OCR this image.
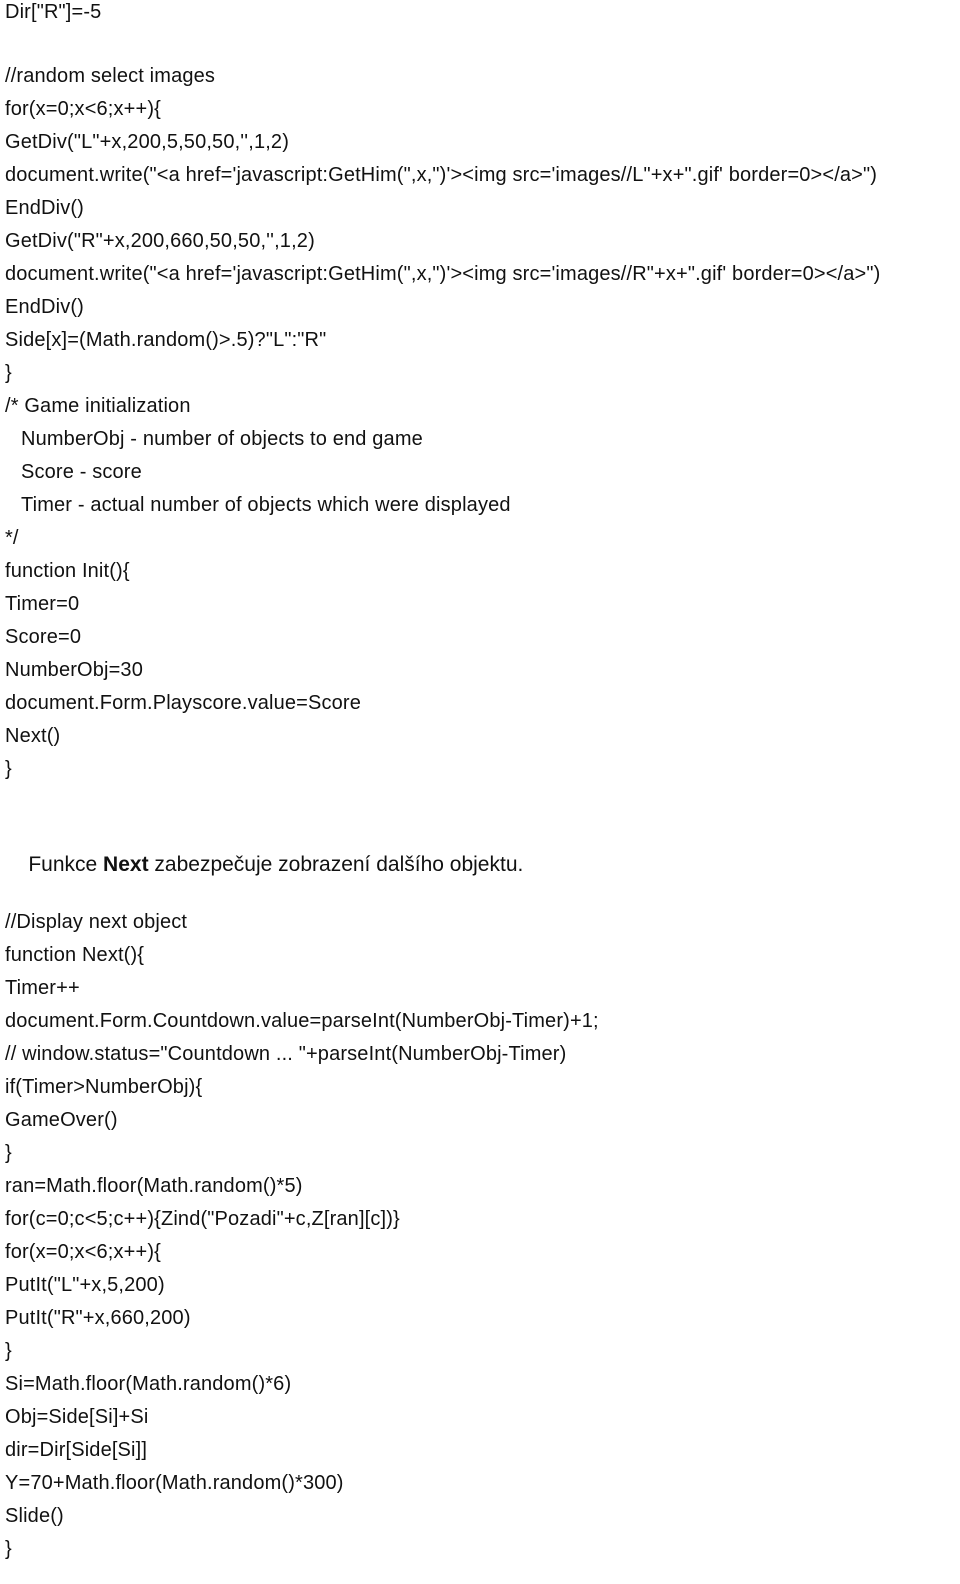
Dir["R"]=-5
//random select images
for(x=0;x<6;x++){
GetDiv("L"+x,200,5,50,50,'',1,2)
document.write("<a href='javascript:GetHim(",x,")'><img src='images//L"+x+".gif' border=0></a>")
EndDiv()
GetDiv("R"+x,200,660,50,50,'',1,2)
document.write("<a href='javascript:GetHim(",x,")'><img src='images//R"+x+".gif' border=0></a>")
EndDiv()
Side[x]=(Math.random()>.5)?"L":"R"
}
/* Game initialization
NumberObj - number of objects to end game
Score - score
Timer - actual number of objects which were displayed
*/
function Init(){
Timer=0
Score=0
NumberObj=30
document.Form.Playscore.value=Score
Next()
}

Funkce Next zabezpečuje zobrazení dalšího objektu.

//Display next object
function Next(){
Timer++
document.Form.Countdown.value=parseInt(NumberObj-Timer)+1;
// window.status="Countdown ... "+parseInt(NumberObj-Timer)
if(Timer>NumberObj){
GameOver()
}
ran=Math.floor(Math.random()*5)
for(c=0;c<5;c++){Zind("Pozadi"+c,Z[ran][c])}
for(x=0;x<6;x++){
PutIt("L"+x,5,200)
PutIt("R"+x,660,200)
}
Si=Math.floor(Math.random()*6)
Obj=Side[Si]+Si
dir=Dir[Side[Si]]
Y=70+Math.floor(Math.random()*300)
Slide()
}
